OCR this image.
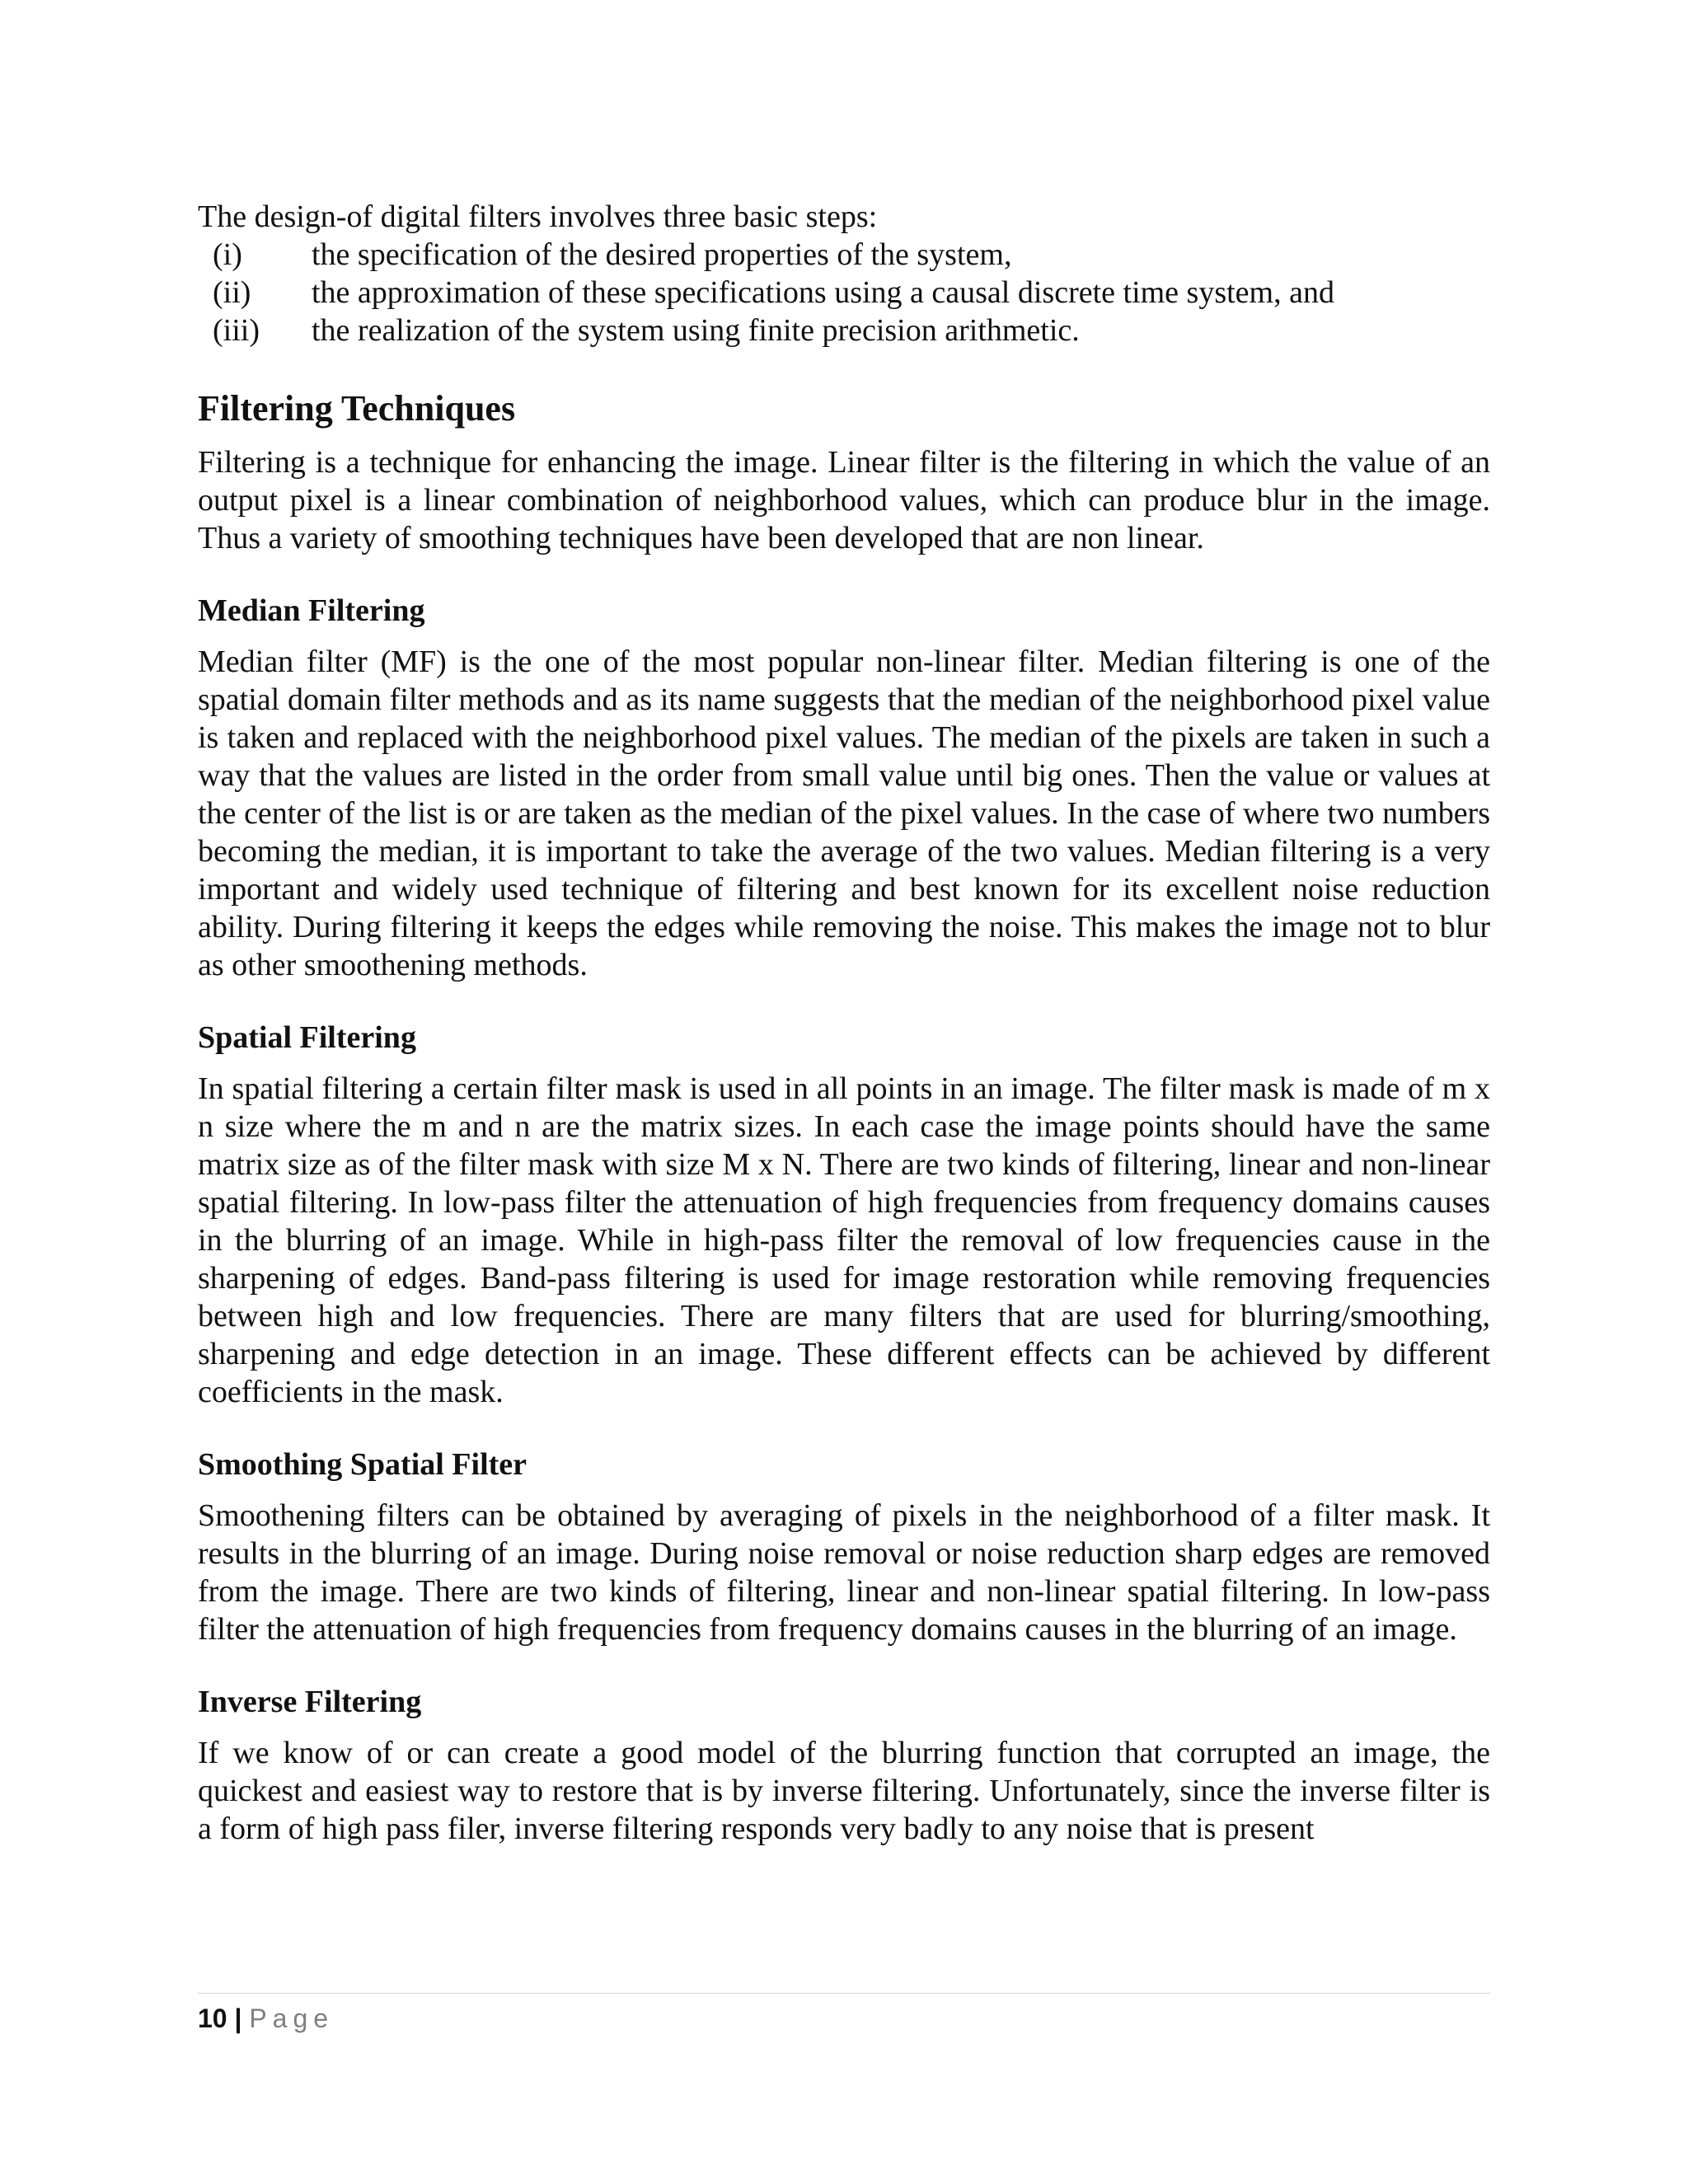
The design-of digital filters involves three basic steps:

(i)	the specification of the desired properties of the system,
(ii)	the approximation of these specifications using a causal discrete time system, and
(iii)	the realization of the system using finite precision arithmetic.
Filtering Techniques

Filtering is a technique for enhancing the image. Linear filter is the filtering in which the value of an output pixel is a linear combination of neighborhood values, which can produce blur in the image. Thus a variety of smoothing techniques have been developed that are non linear.

Median Filtering

Median filter (MF) is the one of the most popular non-linear filter. Median filtering is one of the spatial domain filter methods and as its name suggests that the median of the neighborhood pixel value is taken and replaced with the neighborhood pixel values. The median of the pixels are taken in such a way that the values are listed in the order from small value until big ones. Then the value or values at the center of the list is or are taken as the median of the pixel values. In the case of where two numbers becoming the median, it is important to take the average of the two values. Median filtering is a very important and widely used technique of filtering and best known for its excellent noise reduction ability. During filtering it keeps the edges while removing the noise. This makes the image not to blur as other smoothening methods.

Spatial Filtering

In spatial filtering a certain filter mask is used in all points in an image. The filter mask is made of m x n size where the m and n are the matrix sizes. In each case the image points should have the same matrix size as of the filter mask with size M x N. There are two kinds of filtering, linear and non-linear spatial filtering. In low-pass filter the attenuation of high frequencies from frequency domains causes in the blurring of an image. While in high-pass filter the removal of low frequencies cause in the sharpening of edges. Band-pass filtering is used for image restoration while removing frequencies between high and low frequencies. There are many filters that are used for blurring/smoothing, sharpening and edge detection in an image. These different effects can be achieved by different coefficients in the mask.

Smoothing Spatial Filter

Smoothening filters can be obtained by averaging of pixels in the neighborhood of a filter mask. It results in the blurring of an image. During noise removal or noise reduction sharp edges are removed from the image. There are two kinds of filtering, linear and non-linear spatial filtering. In low-pass filter the attenuation of high frequencies from frequency domains causes in the blurring of an image.

Inverse Filtering

If we know of or can create a good model of the blurring function that corrupted an image, the quickest and easiest way to restore that is by inverse filtering. Unfortunately, since the inverse filter is a form of high pass filer, inverse filtering responds very badly to any noise that is present

10 | Page
